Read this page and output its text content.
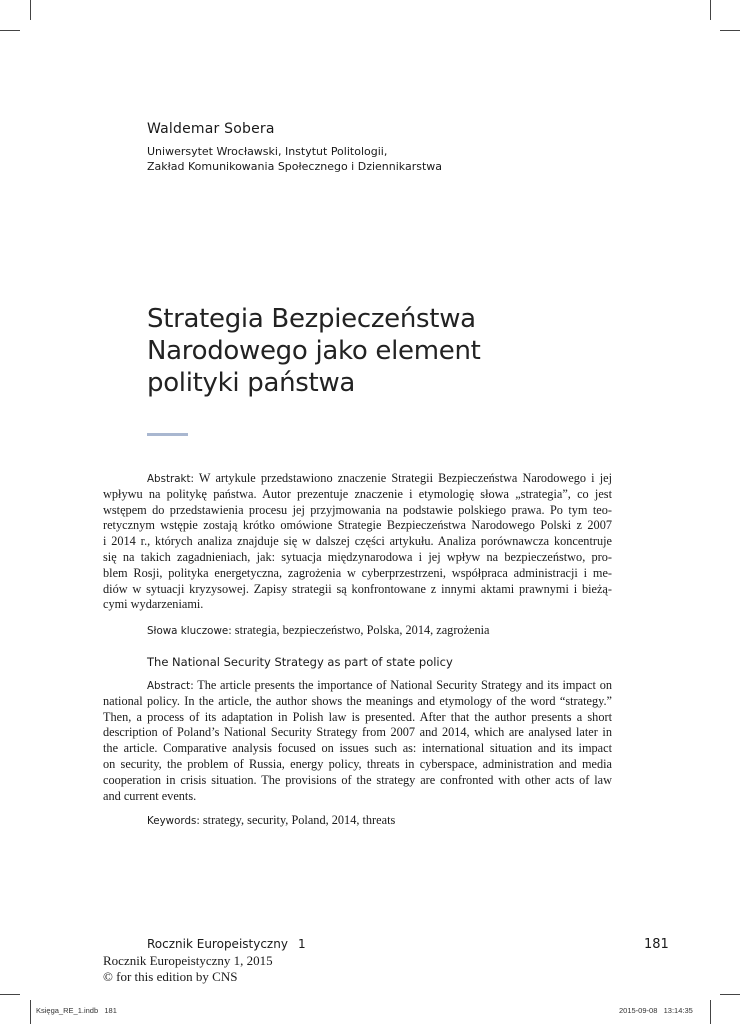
Waldemar Sobera
Uniwersytet Wrocławski, Instytut Politologii,
Zakład Komunikowania Społecznego i Dziennikarstwa
Strategia Bezpieczeństwa
Narodowego jako element
polityki państwa
Abstrakt: W artykule przedstawiono znaczenie Strategii Bezpieczeństwa Narodowego i jej
wpływu na politykę państwa. Autor prezentuje znaczenie i etymologię słowa „strategia”, co jest
wstępem do przedstawienia procesu jej przyjmowania na podstawie polskiego prawa. Po tym teo-
retycznym wstępie zostają krótko omówione Strategie Bezpieczeństwa Narodowego Polski z 2007
i 2014 r., których analiza znajduje się w dalszej części artykułu. Analiza porównawcza koncentruje
się na takich zagadnieniach, jak: sytuacja międzynarodowa i jej wpływ na bezpieczeństwo, pro-
blem Rosji, polityka energetyczna, zagrożenia w cyberprzestrzeni, współpraca administracji i me-
diów w sytuacji kryzysowej. Zapisy strategii są konfrontowane z innymi aktami prawnymi i bieżą-
cymi wydarzeniami.
Słowa kluczowe: strategia, bezpieczeństwo, Polska, 2014, zagrożenia
The National Security Strategy as part of state policy
Abstract: The article presents the importance of National Security Strategy and its impact on
national policy. In the article, the author shows the meanings and etymology of the word “strategy.”
Then, a process of its adaptation in Polish law is presented. After that the author presents a short
description of Poland’s National Security Strategy from 2007 and 2014, which are analysed later in
the article. Comparative analysis focused on issues such as: international situation and its impact
on security, the problem of Russia, energy policy, threats in cyberspace, administration and media
cooperation in crisis situation. The provisions of the strategy are confronted with other acts of law
and current events.
Keywords: strategy, security, Poland, 2014, threats
Rocznik Europeistyczny 1	181
Rocznik Europeistyczny 1, 2015
© for this edition by CNS
Księga_RE_1.indb   181	2015-09-08   13:14:35
